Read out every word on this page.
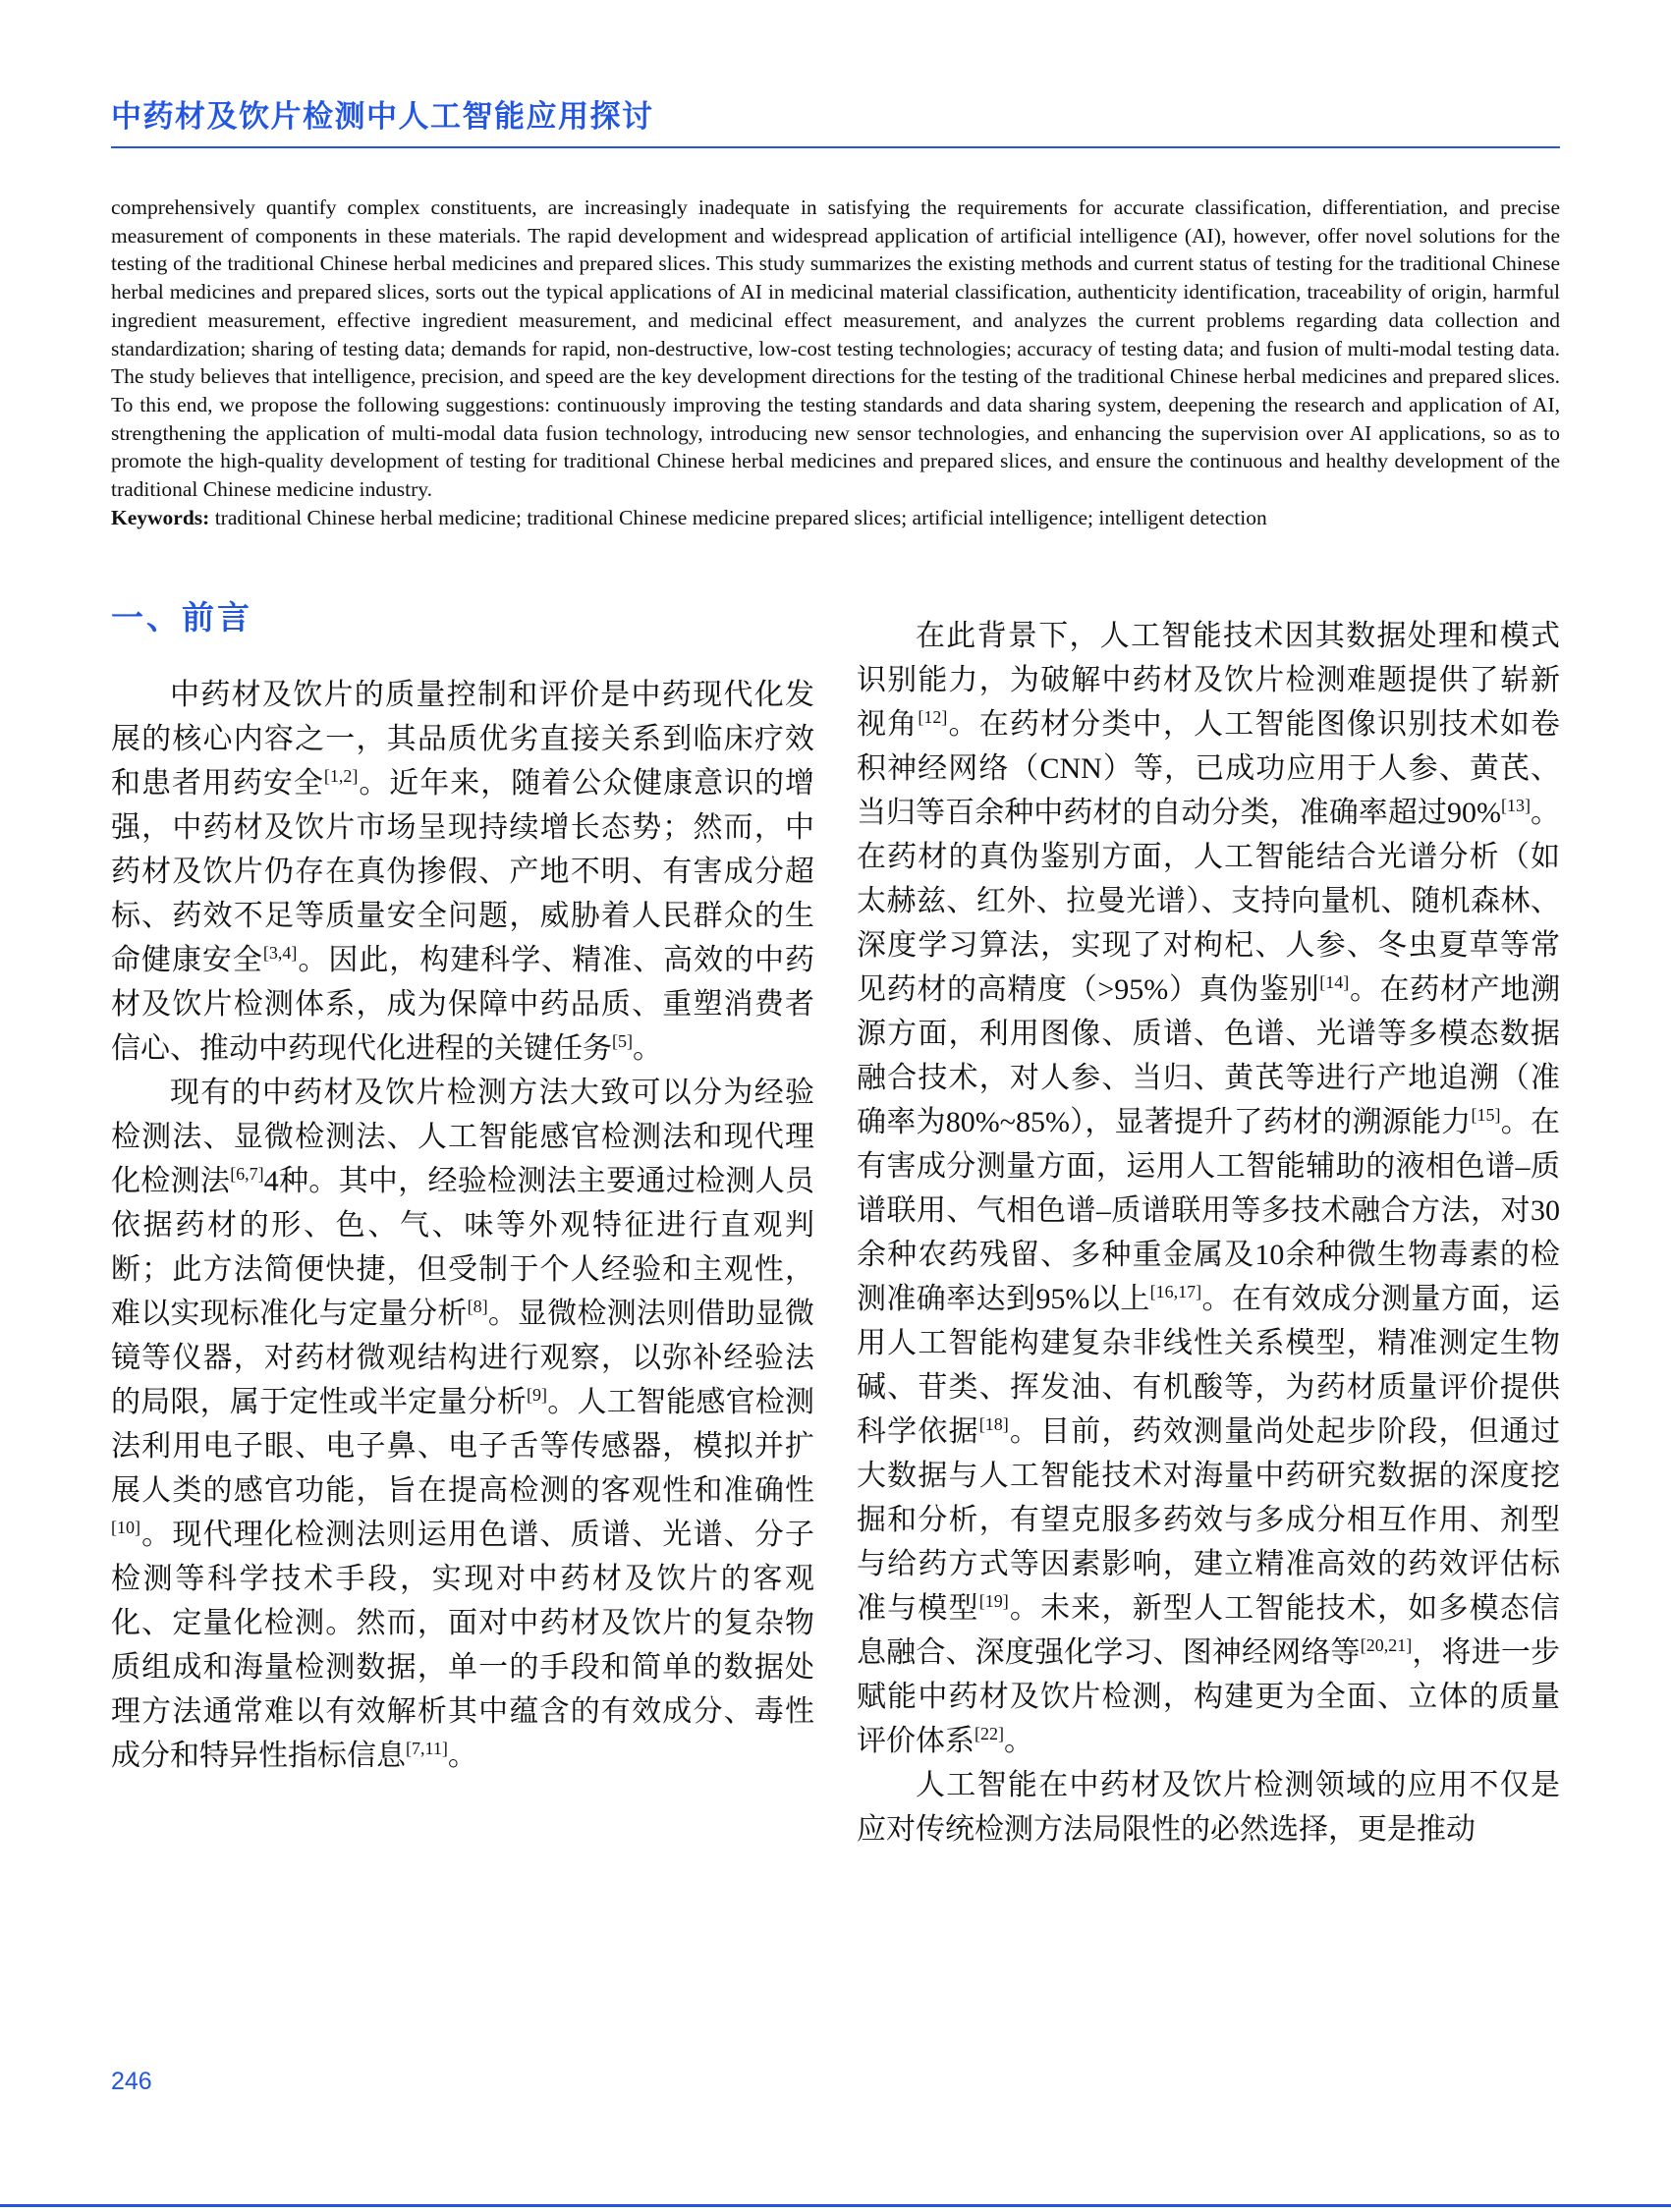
中药材及饮片检测中人工智能应用探讨

comprehensively quantify complex constituents, are increasingly inadequate in satisfying the requirements for accurate classification, differentiation, and precise measurement of components in these materials. The rapid development and widespread application of artificial intelligence (AI), however, offer novel solutions for the testing of the traditional Chinese herbal medicines and prepared slices. This study summarizes the existing methods and current status of testing for the traditional Chinese herbal medicines and prepared slices, sorts out the typical applications of AI in medicinal material classification, authenticity identification, traceability of origin, harmful ingredient measurement, effective ingredient measurement, and medicinal effect measurement, and analyzes the current problems regarding data collection and standardization; sharing of testing data; demands for rapid, non-destructive, low-cost testing technologies; accuracy of testing data; and fusion of multi-modal testing data. The study believes that intelligence, precision, and speed are the key development directions for the testing of the traditional Chinese herbal medicines and prepared slices. To this end, we propose the following suggestions: continuously improving the testing standards and data sharing system, deepening the research and application of AI, strengthening the application of multi-modal data fusion technology, introducing new sensor technologies, and enhancing the supervision over AI applications, so as to promote the high-quality development of testing for traditional Chinese herbal medicines and prepared slices, and ensure the continuous and healthy development of the traditional Chinese medicine industry.

Keywords: traditional Chinese herbal medicine; traditional Chinese medicine prepared slices; artificial intelligence; intelligent detection

一、前言

中药材及饮片的质量控制和评价是中药现代化发展的核心内容之一，其品质优劣直接关系到临床疗效和患者用药安全[1,2]。近年来，随着公众健康意识的增强，中药材及饮片市场呈现持续增长态势；然而，中药材及饮片仍存在真伪掺假、产地不明、有害成分超标、药效不足等质量安全问题，威胁着人民群众的生命健康安全[3,4]。因此，构建科学、精准、高效的中药材及饮片检测体系，成为保障中药品质、重塑消费者信心、推动中药现代化进程的关键任务[5]。

现有的中药材及饮片检测方法大致可以分为经验检测法、显微检测法、人工智能感官检测法和现代理化检测法[6,7]4种。其中，经验检测法主要通过检测人员依据药材的形、色、气、味等外观特征进行直观判断；此方法简便快捷，但受制于个人经验和主观性，难以实现标准化与定量分析[8]。显微检测法则借助显微镜等仪器，对药材微观结构进行观察，以弥补经验法的局限，属于定性或半定量分析[9]。人工智能感官检测法利用电子眼、电子鼻、电子舌等传感器，模拟并扩展人类的感官功能，旨在提高检测的客观性和准确性[10]。现代理化检测法则运用色谱、质谱、光谱、分子检测等科学技术手段，实现对中药材及饮片的客观化、定量化检测。然而，面对中药材及饮片的复杂物质组成和海量检测数据，单一的手段和简单的数据处理方法通常难以有效解析其中蕴含的有效成分、毒性成分和特异性指标信息[7,11]。

在此背景下，人工智能技术因其数据处理和模式识别能力，为破解中药材及饮片检测难题提供了崭新视角[12]。在药材分类中，人工智能图像识别技术如卷积神经网络（CNN）等，已成功应用于人参、黄芪、当归等百余种中药材的自动分类，准确率超过90%[13]。在药材的真伪鉴别方面，人工智能结合光谱分析（如太赫兹、红外、拉曼光谱）、支持向量机、随机森林、深度学习算法，实现了对枸杞、人参、冬虫夏草等常见药材的高精度（>95%）真伪鉴别[14]。在药材产地溯源方面，利用图像、质谱、色谱、光谱等多模态数据融合技术，对人参、当归、黄芪等进行产地追溯（准确率为80%~85%），显著提升了药材的溯源能力[15]。在有害成分测量方面，运用人工智能辅助的液相色谱–质谱联用、气相色谱–质谱联用等多技术融合方法，对30余种农药残留、多种重金属及10余种微生物毒素的检测准确率达到95%以上[16,17]。在有效成分测量方面，运用人工智能构建复杂非线性关系模型，精准测定生物碱、苷类、挥发油、有机酸等，为药材质量评价提供科学依据[18]。目前，药效测量尚处起步阶段，但通过大数据与人工智能技术对海量中药研究数据的深度挖掘和分析，有望克服多药效与多成分相互作用、剂型与给药方式等因素影响，建立精准高效的药效评估标准与模型[19]。未来，新型人工智能技术，如多模态信息融合、深度强化学习、图神经网络等[20,21]，将进一步赋能中药材及饮片检测，构建更为全面、立体的质量评价体系[22]。

人工智能在中药材及饮片检测领域的应用不仅是应对传统检测方法局限性的必然选择，更是推动

246
